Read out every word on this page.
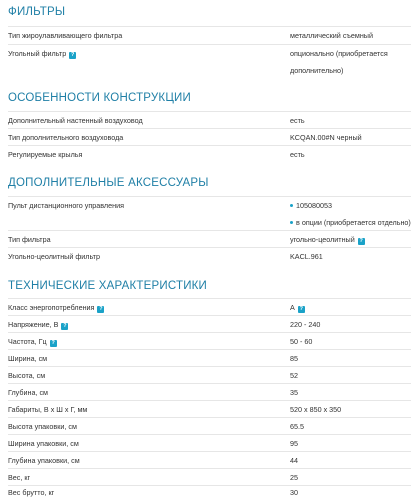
ФИЛЬТРЫ
Тип жироулавливающего фильтра	металлический съемный
Угольный фильтр ?	опционально (приобретается
дополнительно)
ОСОБЕННОСТИ КОНСТРУКЦИИ
Дополнительный настенный воздуховод	есть
Тип дополнительного воздуховода	KCQAN.00#N черный
Регулируемые крылья	есть
ДОПОЛНИТЕЛЬНЫЕ АКСЕССУАРЫ
Пульт дистанционного управления	105080053
в опции (приобретается отдельно)
Тип фильтра	угольно-цеолитный ?
Угольно-цеолитный фильтр	KACL.961
ТЕХНИЧЕСКИЕ ХАРАКТЕРИСТИКИ
Класс энергопотребления ?	A ?
Напряжение, В ?	220 - 240
Частота, Гц ?	50 - 60
Ширина, см	85
Высота, см	52
Глубина, см	35
Габариты, В х Ш х Г, мм	520 x 850 x 350
Высота упаковки, см	65.5
Ширина упаковки, см	95
Глубина упаковки, см	44
Вес, кг	25
Вес брутто, кг	30
